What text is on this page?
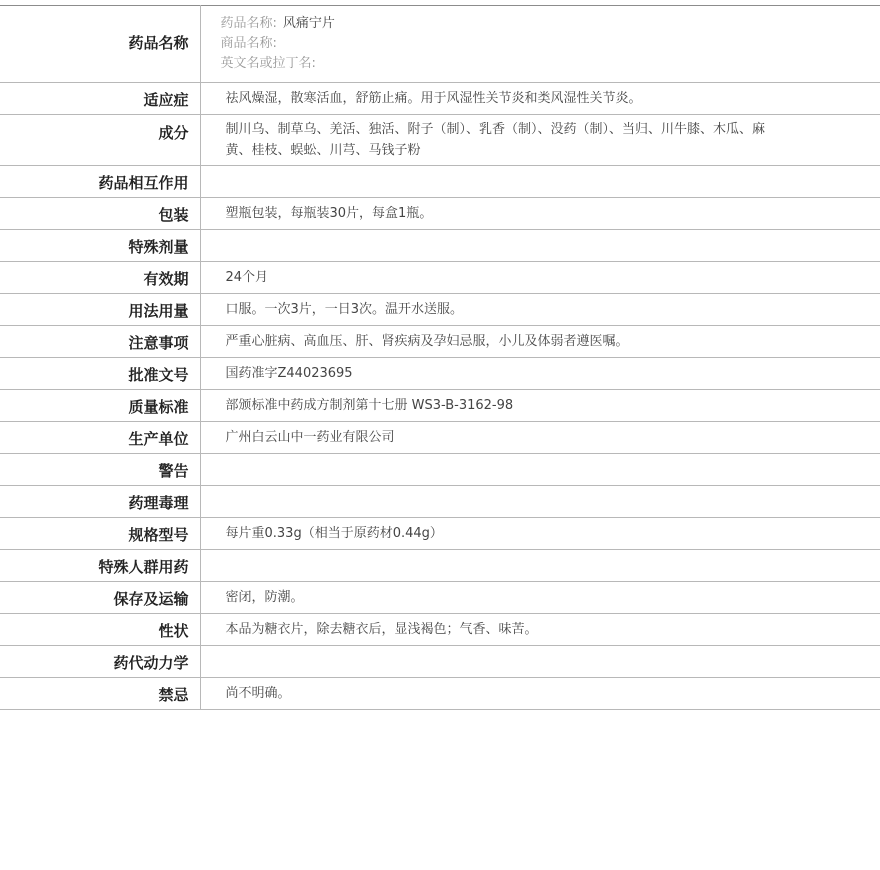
药品名称	药品名称: 风痛宁片
商品名称:
英文名或拉丁名:

适应症	祛风燥湿，散寒活血，舒筋止痛。用于风湿性关节炎和类风湿性关节炎。
成分	制川乌、制草乌、羌活、独活、附子（制）、乳香（制）、没药（制）、当归、川牛膝、木瓜、麻黄、桂枝、蜈蚣、川芎、马钱子粉
药品相互作用	
包装	塑瓶包装，每瓶装30片，每盒1瓶。
特殊剂量	
有效期	24个月
用法用量	口服。一次3片，一日3次。温开水送服。
注意事项	严重心脏病、高血压、肝、肾疾病及孕妇忌服，小儿及体弱者遵医嘱。
批准文号	国药准字Z44023695
质量标准	部颁标准中药成方制剂第十七册 WS3-B-3162-98
生产单位	广州白云山中一药业有限公司
警告	
药理毒理	
规格型号	每片重0.33g（相当于原药材0.44g）
特殊人群用药	
保存及运输	密闭，防潮。
性状	本品为糖衣片，除去糖衣后，显浅褐色；气香、味苦。
药代动力学	
禁忌	尚不明确。
